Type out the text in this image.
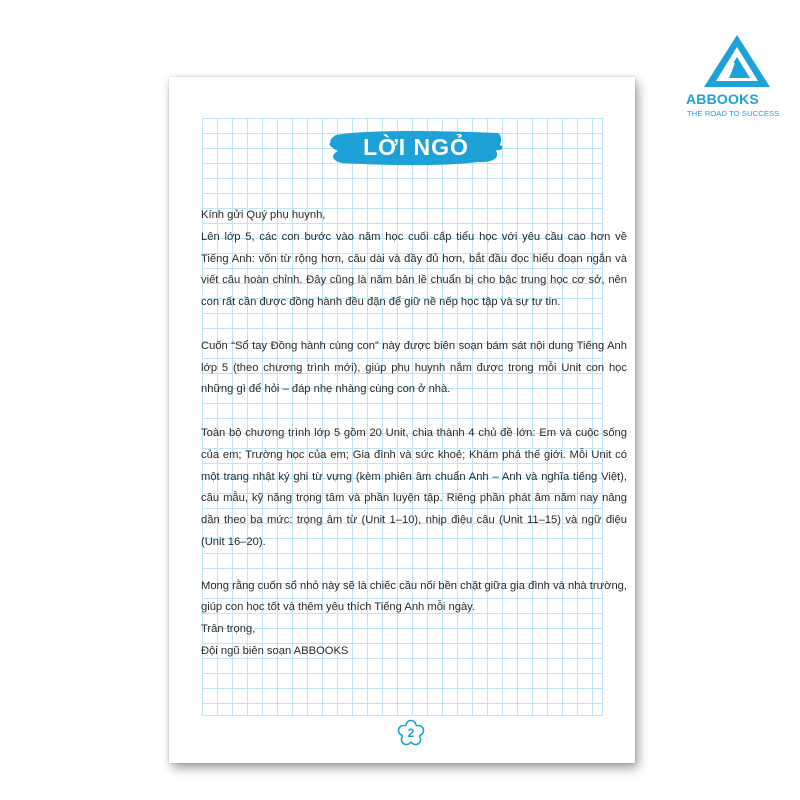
LỜI NGỎ

Kính gửi Quý phụ huynh,
Lên lớp 5, các con bước vào năm học cuối cấp tiểu học với yêu cầu cao hơn về Tiếng Anh: vốn từ rộng hơn, câu dài và đầy đủ hơn, bắt đầu đọc hiểu đoạn ngắn và viết câu hoàn chỉnh. Đây cũng là năm bản lề chuẩn bị cho bậc trung học cơ sở, nên con rất cần được đồng hành đều đặn để giữ nề nếp học tập và sự tự tin.

Cuốn “Sổ tay Đồng hành cùng con” này được biên soạn bám sát nội dung Tiếng Anh lớp 5 (theo chương trình mới), giúp phụ huynh nắm được trong mỗi Unit con học những gì để hỏi – đáp nhẹ nhàng cùng con ở nhà.

Toàn bộ chương trình lớp 5 gồm 20 Unit, chia thành 4 chủ đề lớn: Em và cuộc sống của em; Trường học của em; Gia đình và sức khoẻ; Khám phá thế giới. Mỗi Unit có một trang nhật ký ghi từ vựng (kèm phiên âm chuẩn Anh – Anh và nghĩa tiếng Việt), câu mẫu, kỹ năng trọng tâm và phần luyện tập. Riêng phần phát âm năm nay nâng dần theo ba mức: trọng âm từ (Unit 1–10), nhịp điệu câu (Unit 11–15) và ngữ điệu (Unit 16–20).

Mong rằng cuốn sổ nhỏ này sẽ là chiếc cầu nối bền chặt giữa gia đình và nhà trường, giúp con học tốt và thêm yêu thích Tiếng Anh mỗi ngày.
Trân trọng,
Đội ngũ biên soạn ABBOOKS

2
ABBOOKS
THE ROAD TO SUCCESS
